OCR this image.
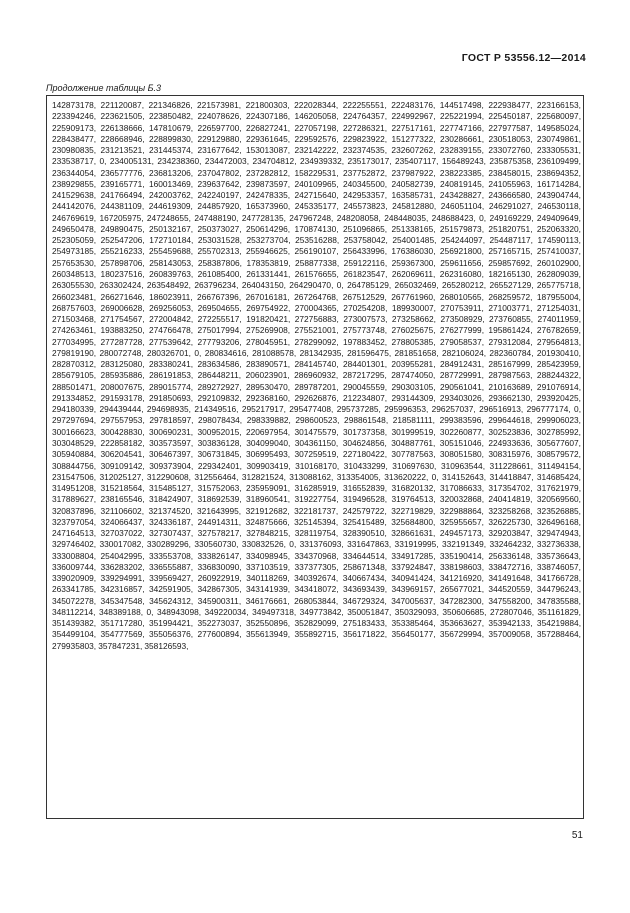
ГОСТ Р 53556.12—2014
Продолжение таблицы Б.3

142873178, 221120087, 221346826, 221573981, 221800303, 222028344, 222255551, 222483176, 144517498, 222938477, 223166153, 223394246, 223621505, 223850482, 224078626, 224307186, 146205058, 224764357, 224992967, 225221994, 225450187, 225680097, 225909173, 226138666, 147810679, 226597700, 226827241, 227057198, 227286321, 227517161, 227747166, 227977587, 149585024, 228438477, 228668946, 228899830, 229129880, 229361645, 229592576, 229823922, 151277322, 230286661, 230518053, 230749861, 230980835, 231213521, 231445374, 231677642, 153013087, 232142222, 232374535, 232607262, 232839155, 233072760, 233305531, 233538717, 0, 234005131, 234238360, 234472003, 234704812, 234939332, 235173017, 235407117, 156489243, 235875358, 236109499, 236344054, 236577776, 236813206, 237047802, 237282812, 158229531, 237752872, 237987922, 238223385, 238458015, 238694352, 238929855, 239165771, 160013469, 239637642, 239873597, 240109965, 240345500, 240582739, 240819145, 241055963, 161714284, 241529638, 241766494, 242003762, 242240197, 242478335, 242715640, 242953357, 163585731, 243428827, 243666580, 243904744, 244142076, 244381109, 244619309, 244857920, 165373960, 245335177, 245573823, 245812880, 246051104, 246291027, 246530118, 246769619, 167205975, 247248655, 247488190, 247728135, 247967248, 248208058, 248448035, 248688423, 0, 249169229, 249409649, 249650478, 249890475, 250132167, 250373027, 250614296, 170874130, 251096865, 251338165, 251579873, 251820751, 252063320, 252305059, 252547206, 172710184, 253031528, 253273704, 253516288, 253758042, 254001485, 254244097, 254487117, 174590113, 254973185, 255216233, 255459688, 255702313, 255946625, 256190107, 256433996, 176386030, 256921800, 257165715, 257410037, 257653530, 257898706, 258143053, 258387806, 178353819, 258877338, 259122116, 259367300, 259611656, 259857692, 260102900, 260348513, 180237516, 260839763, 261085400, 261331441, 261576655, 261823547, 262069611, 262316080, 182165130, 262809039, 263055530, 263302424, 263548492, 263796234, 264043150, 264290470, 0, 264785129, 265032469, 265280212, 265527129, 265775718, 266023481, 266271646, 186023911, 266767396, 267016181, 267264768, 267512529, 267761960, 268010565, 268259572, 187955004, 268757603, 269006628, 269256053, 269504655, 269754922, 270004365, 270254208, 189930007, 270753911, 271003771, 271254031, 271503468, 271754567, 272004842, 272255517, 191820421, 272756883, 273007573, 273258662, 273508929, 273760855, 274011959, 274263461, 193883250, 274766478, 275017994, 275269908, 275521001, 275773748, 276025675, 276277999, 195861424, 276782659, 277034995, 277287728, 277539642, 277793206, 278045951, 278299092, 197883452, 278805385, 279058537, 279312084, 279564813, 279819190, 280072748, 280326701, 0, 280834616, 281088578, 281342935, 281596475, 281851658, 282106024, 282360784, 201930410, 282870312, 283125080, 283380241, 283634586, 283890571, 284145740, 284401301, 203955281, 284912431, 285167999, 285423959, 285679105, 285935886, 286191853, 286448211, 206023901, 286960932, 287217295, 287474050, 287729991, 287987563, 288244322, 288501471, 208007675, 289015774, 289272927, 289530470, 289787201, 290045559, 290303105, 290561041, 210163689, 291076914, 291334852, 291593178, 291850693, 292109832, 292368160, 292626876, 212234807, 293144309, 293403026, 293662130, 293920425, 294180339, 294439444, 294698935, 214349516, 295217917, 295477408, 295737285, 295996353, 296257037, 296516913, 296777174, 0, 297297694, 297557953, 297818597, 298078434, 298339882, 298600523, 298861548, 218581111, 299383596, 299644618, 299906023, 300166623, 300428830, 300690231, 300952015, 220697954, 301475579, 301737358, 301999519, 302260877, 302523836, 302785992, 303048529, 222858182, 303573597, 303836128, 304099040, 304361150, 304624856, 304887761, 305151046, 224933636, 305677607, 305940884, 306204541, 306467397, 306731845, 306995493, 307259519, 227180422, 307787563, 308051580, 308315976, 308579572, 308844756, 309109142, 309373904, 229342401, 309903419, 310168170, 310433299, 310697630, 310963544, 311228661, 311494154, 231547506, 312025127, 312290608, 312556464, 312821524, 313088162, 313354005, 313620222, 0, 314152643, 314418847, 314685424, 314951208, 315218564, 315485127, 315752063, 235959091, 316285919, 316552839, 316820132, 317086633, 317354702, 317621979, 317889627, 238165546, 318424907, 318692539, 318960541, 319227754, 319496528, 319764513, 320032868, 240414819, 320569560, 320837896, 321106602, 321374520, 321643995, 321912682, 322181737, 242579722, 322719829, 322988864, 323258268, 323526885, 323797054, 324066437, 324336187, 244914311, 324875666, 325145394, 325415489, 325684800, 325955657, 326225730, 326496168, 247164513, 327037022, 327307437, 327578217, 327848215, 328119754, 328390510, 328661631, 249457173, 329203847, 329474943, 329746402, 330017082, 330289296, 330560730, 330832526, 0, 331376093, 331647863, 331919995, 332191349, 332464232, 332736338, 333008804, 254042995, 333553708, 333826147, 334098945, 334370968, 334644514, 334917285, 335190414, 256336148, 335736643, 336009744, 336283202, 336555887, 336830090, 337103519, 337377305, 258671348, 337924847, 338198603, 338472716, 338746057, 339020909, 339294991, 339569427, 260922919, 340118269, 340392674, 340667434, 340941424, 341216920, 341491648, 341766728, 263341785, 342316857, 342591905, 342867305, 343141939, 343418072, 343693439, 343969157, 265677021, 344520559, 344796243, 345072278, 345347548, 345624312, 345900311, 346176661, 268053844, 346729324, 347005637, 347282300, 347558200, 347835588, 348112214, 348389188, 0, 348943098, 349220034, 349497318, 349773842, 350051847, 350329093, 350606685, 272807046, 351161829, 351439382, 351717280, 351994421, 352273037, 352550896, 352829099, 275183433, 353385464, 353663627, 353942133, 354219884, 354499104, 354777569, 355056376, 277600894, 355613949, 355892715, 356171822, 356450177, 356729994, 357009058, 357288464, 279935803, 357847231, 358126593,

51
